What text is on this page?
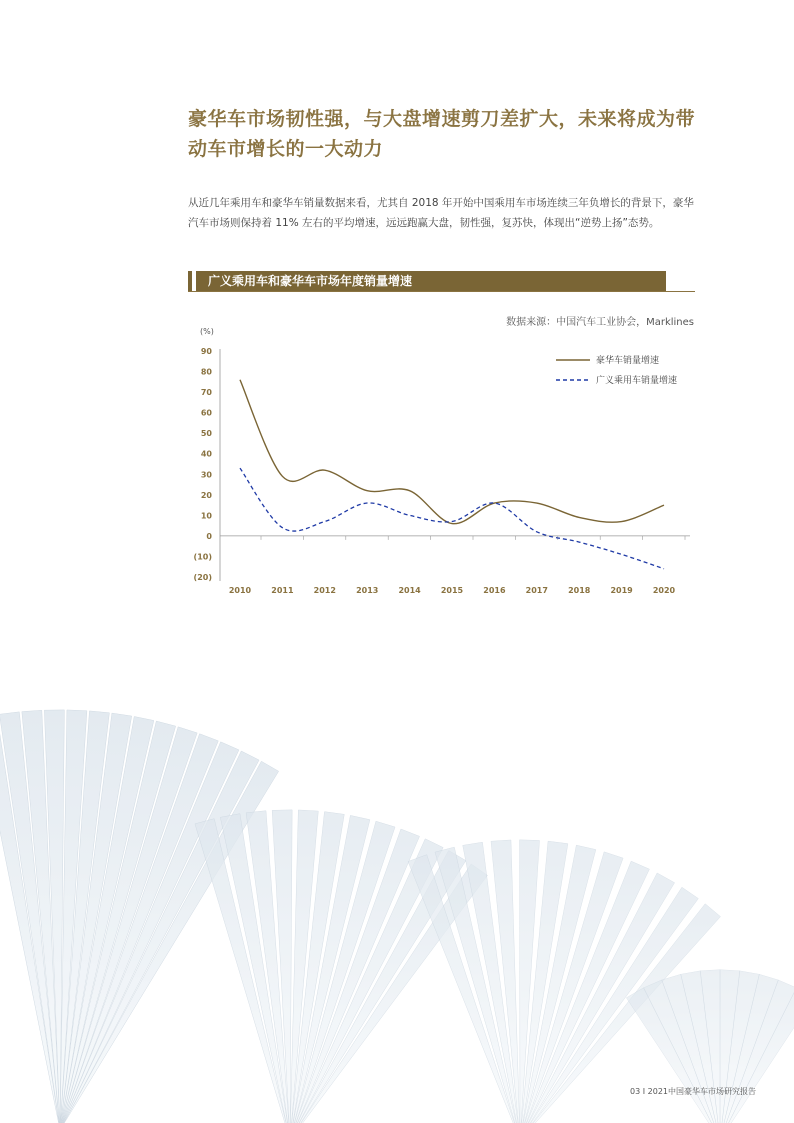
豪华车市场韧性强，与大盘增速剪刀差扩大，未来将成为带动车市增长的一大动力
从近几年乘用车和豪华车销量数据来看，尤其自 2018 年开始中国乘用车市场连续三年负增长的背景下，豪华汽车市场则保持着 11% 左右的平均增速，远远跑赢大盘，韧性强，复苏快，体现出“逆势上扬”态势。
广义乘用车和豪华车市场年度销量增速
数据来源：中国汽车工业协会，Marklines
(%)
90
80
70
60
50
40
30
20
10
0
(10)
(20)
2010	2011	2012	2013	2014	2015	2016	2017	2018	2019	2020
豪华车销量增速
广义乘用车销量增速
03 I 2021中国豪华车市场研究报告
